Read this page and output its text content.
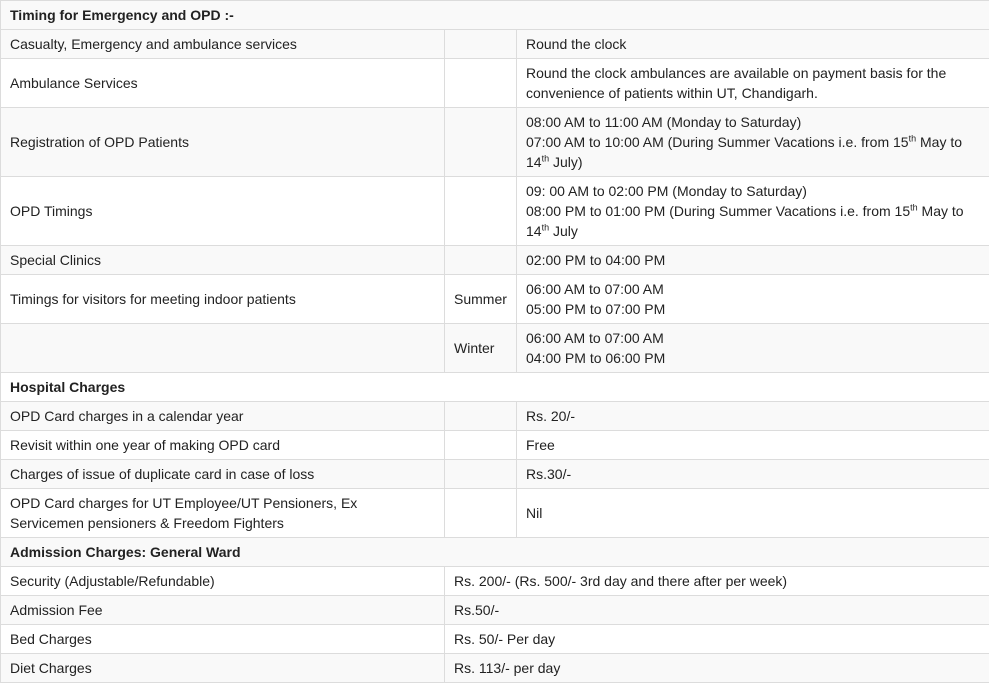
Timing for Emergency and OPD :-		
Casualty, Emergency and ambulance services		Round the clock
Ambulance Services		Round the clock ambulances are available on payment basis for the convenience of patients within UT, Chandigarh.
Registration of OPD Patients		08:00 AM to 11:00 AM (Monday to Saturday)
07:00 AM to 10:00 AM (During Summer Vacations i.e. from 15th May to 14th July)

OPD Timings		09: 00 AM to 02:00 PM (Monday to Saturday)
08:00 PM to 01:00 PM (During Summer Vacations i.e. from 15th May to 14th July

Special Clinics		02:00 PM to 04:00 PM
Timings for visitors for meeting indoor patients	Summer	06:00 AM to 07:00 AM
05:00 PM to 07:00 PM

	Winter	06:00 AM to 07:00 AM
04:00 PM to 06:00 PM

Hospital Charges		
OPD Card charges in a calendar year		Rs. 20/-
Revisit within one year of making OPD card		Free
Charges of issue of duplicate card in case of loss		Rs.30/-
OPD Card charges for UT Employee/UT Pensioners, Ex Servicemen pensioners & Freedom Fighters		Nil
Admission Charges: General Ward		
Security (Adjustable/Refundable)	Rs. 200/- (Rs. 500/- 3rd day and there after per week)	
Admission Fee	Rs.50/-	
Bed Charges	Rs. 50/- Per day	
Diet Charges	Rs. 113/- per day	
